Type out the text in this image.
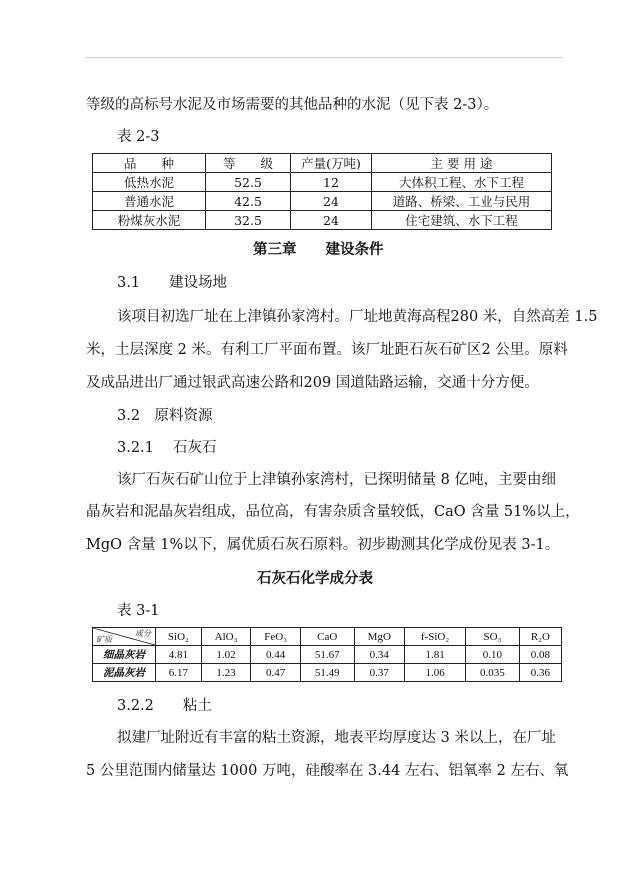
等级的高标号水泥及市场需要的其他品种的水泥（见下表 2-3）。
表 2-3
品　　种	等　　级	产量(万吨)	主 要 用 途
低热水泥	52.5	12	大体积工程、水下工程
普通水泥	42.5	24	道路、桥梁、工业与民用
粉煤灰水泥	32.5	24	住宅建筑、水下工程
第三章　　建设条件
3.1　　建设场地
该项目初选厂址在上津镇孙家湾村。厂址地黄海高程280 米，自然高差 1.5
米，土层深度 2 米。有利工厂平面布置。该厂址距石灰石矿区2 公里。原料
及成品进出厂通过银武高速公路和209 国道陆路运输，交通十分方便。
3.2　原料资源
3.2.1　 石灰石
该厂石灰石矿山位于上津镇孙家湾村，已探明储量 8 亿吨，主要由细
晶灰岩和泥晶灰岩组成，品位高，有害杂质含量较低，CaO 含量 51%以上，
MgO 含量 1%以下，属优质石灰石原料。初步勘测其化学成份见表 3-1。
石灰石化学成分表
表 3-1
成分
矿质	SiO₂	AlO₃	FeO₃	CaO	MgO	f-SiO₂	SO₃	R₂O
细晶灰岩	4.81	1.02	0.44	51.67	0.34	1.81	0.10	0.08
泥晶灰岩	6.17	1.23	0.47	51.49	0.37	1.06	0.035	0.36
3.2.2　　粘土
拟建厂址附近有丰富的粘土资源，地表平均厚度达 3 米以上，在厂址
5 公里范围内储量达 1000 万吨，硅酸率在 3.44 左右、铝氧率 2 左右、氧
